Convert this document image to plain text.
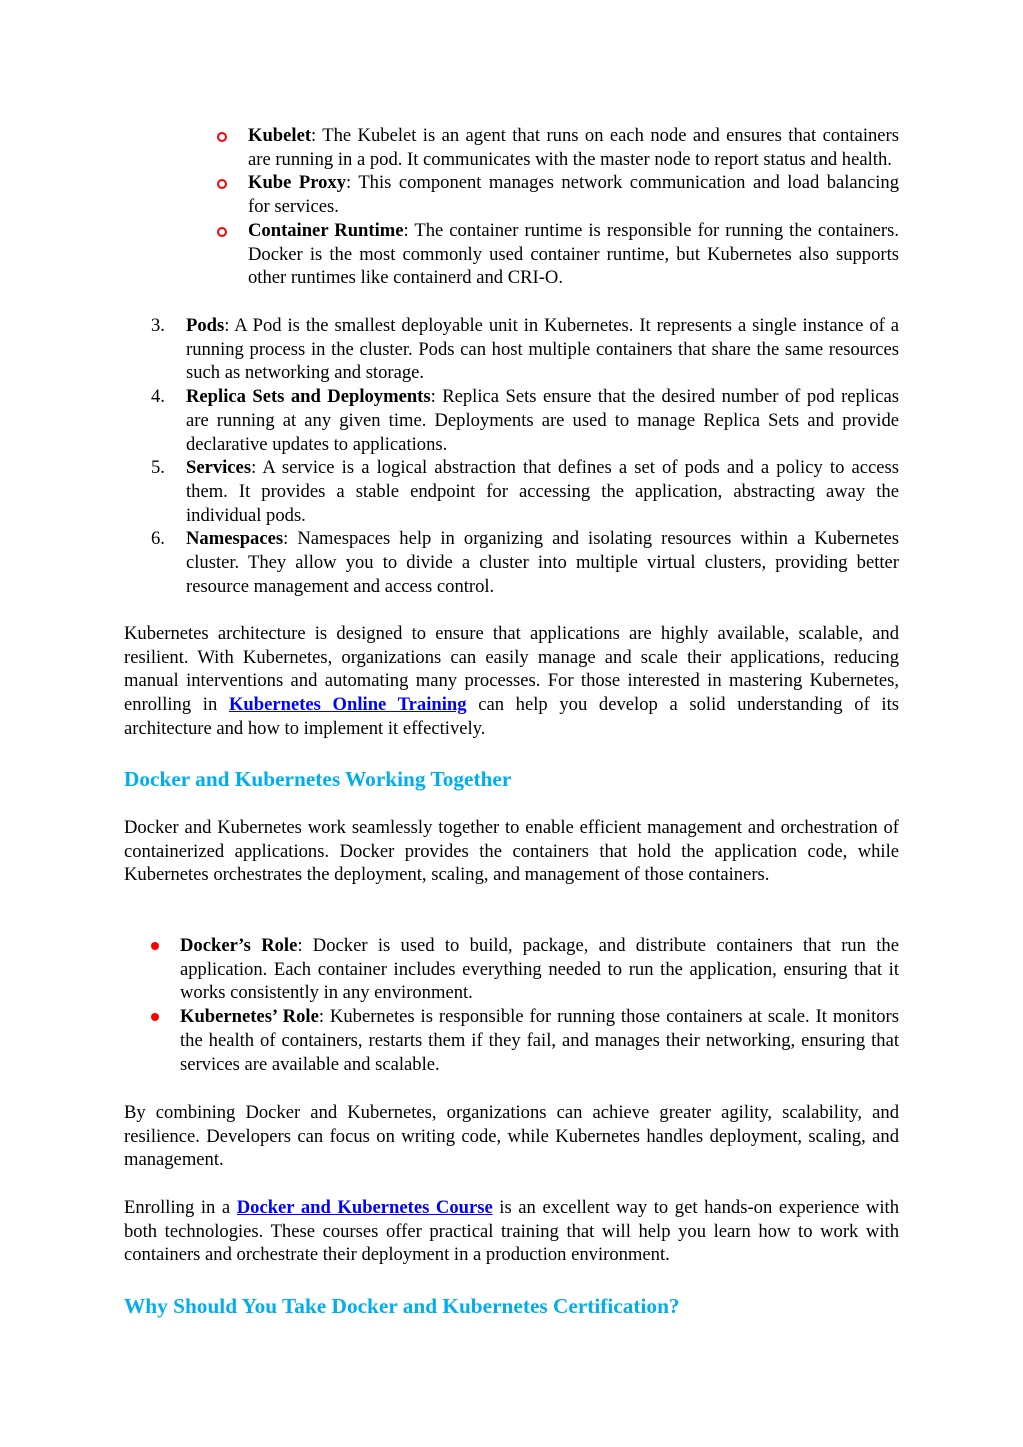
Kubelet: The Kubelet is an agent that runs on each node and ensures that containers are running in a pod. It communicates with the master node to report status and health.

Kube Proxy: This component manages network communication and load balancing for services.

Container Runtime: The container runtime is responsible for running the containers. Docker is the most commonly used container runtime, but Kubernetes also supports other runtimes like containerd and CRI-O.

3.	Pods: A Pod is the smallest deployable unit in Kubernetes. It represents a single instance of a running process in the cluster. Pods can host multiple containers that share the same resources such as networking and storage.

4.	Replica Sets and Deployments: Replica Sets ensure that the desired number of pod replicas are running at any given time. Deployments are used to manage Replica Sets and provide declarative updates to applications.

5.	Services: A service is a logical abstraction that defines a set of pods and a policy to access them. It provides a stable endpoint for accessing the application, abstracting away the individual pods.

6.	Namespaces: Namespaces help in organizing and isolating resources within a Kubernetes cluster. They allow you to divide a cluster into multiple virtual clusters, providing better resource management and access control.

Kubernetes architecture is designed to ensure that applications are highly available, scalable, and resilient. With Kubernetes, organizations can easily manage and scale their applications, reducing manual interventions and automating many processes. For those interested in mastering Kubernetes, enrolling in Kubernetes Online Training can help you develop a solid understanding of its architecture and how to implement it effectively.

Docker and Kubernetes Working Together

Docker and Kubernetes work seamlessly together to enable efficient management and orchestration of containerized applications. Docker provides the containers that hold the application code, while Kubernetes orchestrates the deployment, scaling, and management of those containers.

Docker’s Role: Docker is used to build, package, and distribute containers that run the application. Each container includes everything needed to run the application, ensuring that it works consistently in any environment.

Kubernetes’ Role: Kubernetes is responsible for running those containers at scale. It monitors the health of containers, restarts them if they fail, and manages their networking, ensuring that services are available and scalable.

By combining Docker and Kubernetes, organizations can achieve greater agility, scalability, and resilience. Developers can focus on writing code, while Kubernetes handles deployment, scaling, and management.

Enrolling in a Docker and Kubernetes Course is an excellent way to get hands-on experience with both technologies. These courses offer practical training that will help you learn how to work with containers and orchestrate their deployment in a production environment.

Why Should You Take Docker and Kubernetes Certification?
